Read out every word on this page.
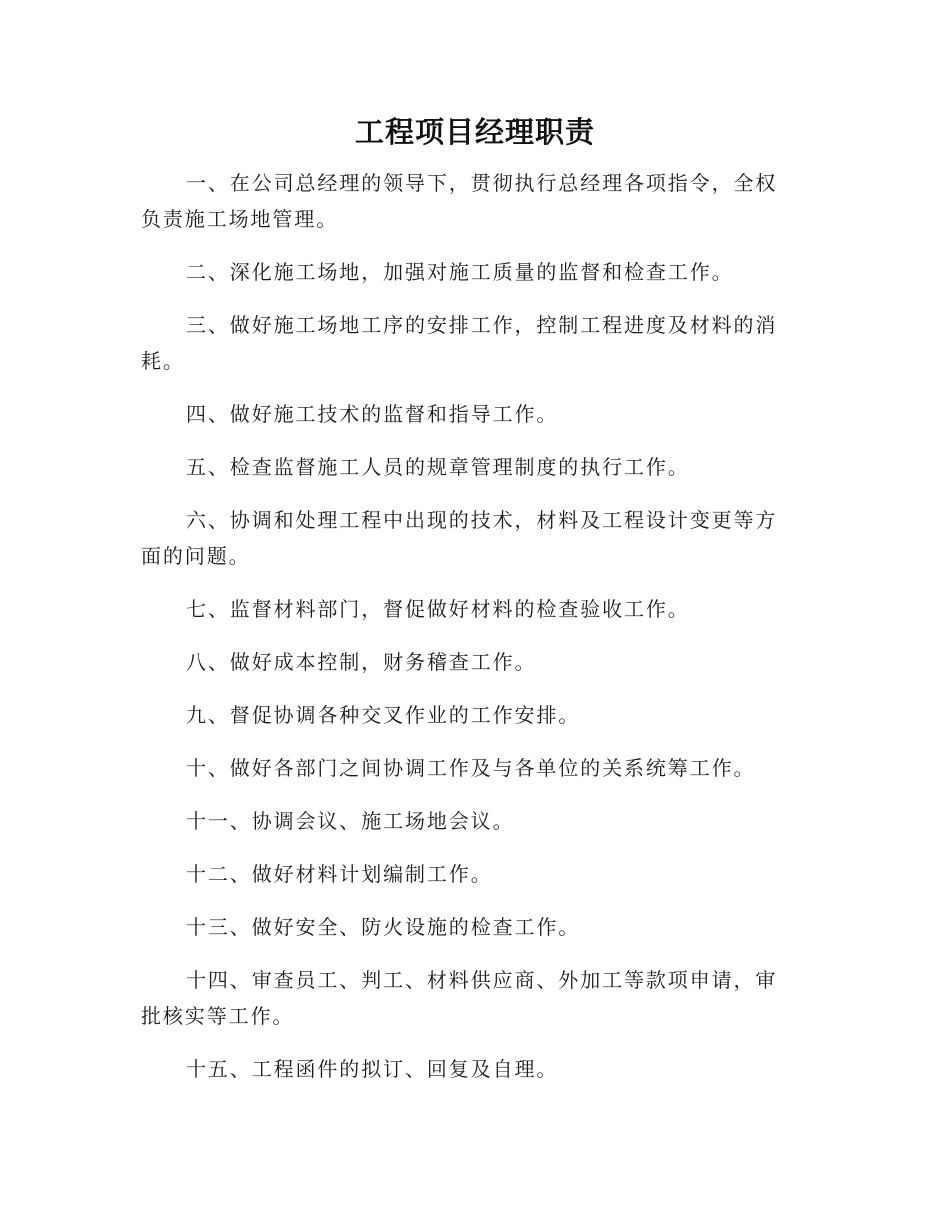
工程项目经理职责

一、在公司总经理的领导下，贯彻执行总经理各项指令，全权负责施工场地管理。

二、深化施工场地，加强对施工质量的监督和检查工作。

三、做好施工场地工序的安排工作，控制工程进度及材料的消耗。

四、做好施工技术的监督和指导工作。

五、检查监督施工人员的规章管理制度的执行工作。

六、协调和处理工程中出现的技术，材料及工程设计变更等方面的问题。

七、监督材料部门，督促做好材料的检查验收工作。

八、做好成本控制，财务稽查工作。

九、督促协调各种交叉作业的工作安排。

十、做好各部门之间协调工作及与各单位的关系统筹工作。

十一、协调会议、施工场地会议。

十二、做好材料计划编制工作。

十三、做好安全、防火设施的检查工作。

十四、审查员工、判工、材料供应商、外加工等款项申请，审批核实等工作。

十五、工程函件的拟订、回复及自理。
